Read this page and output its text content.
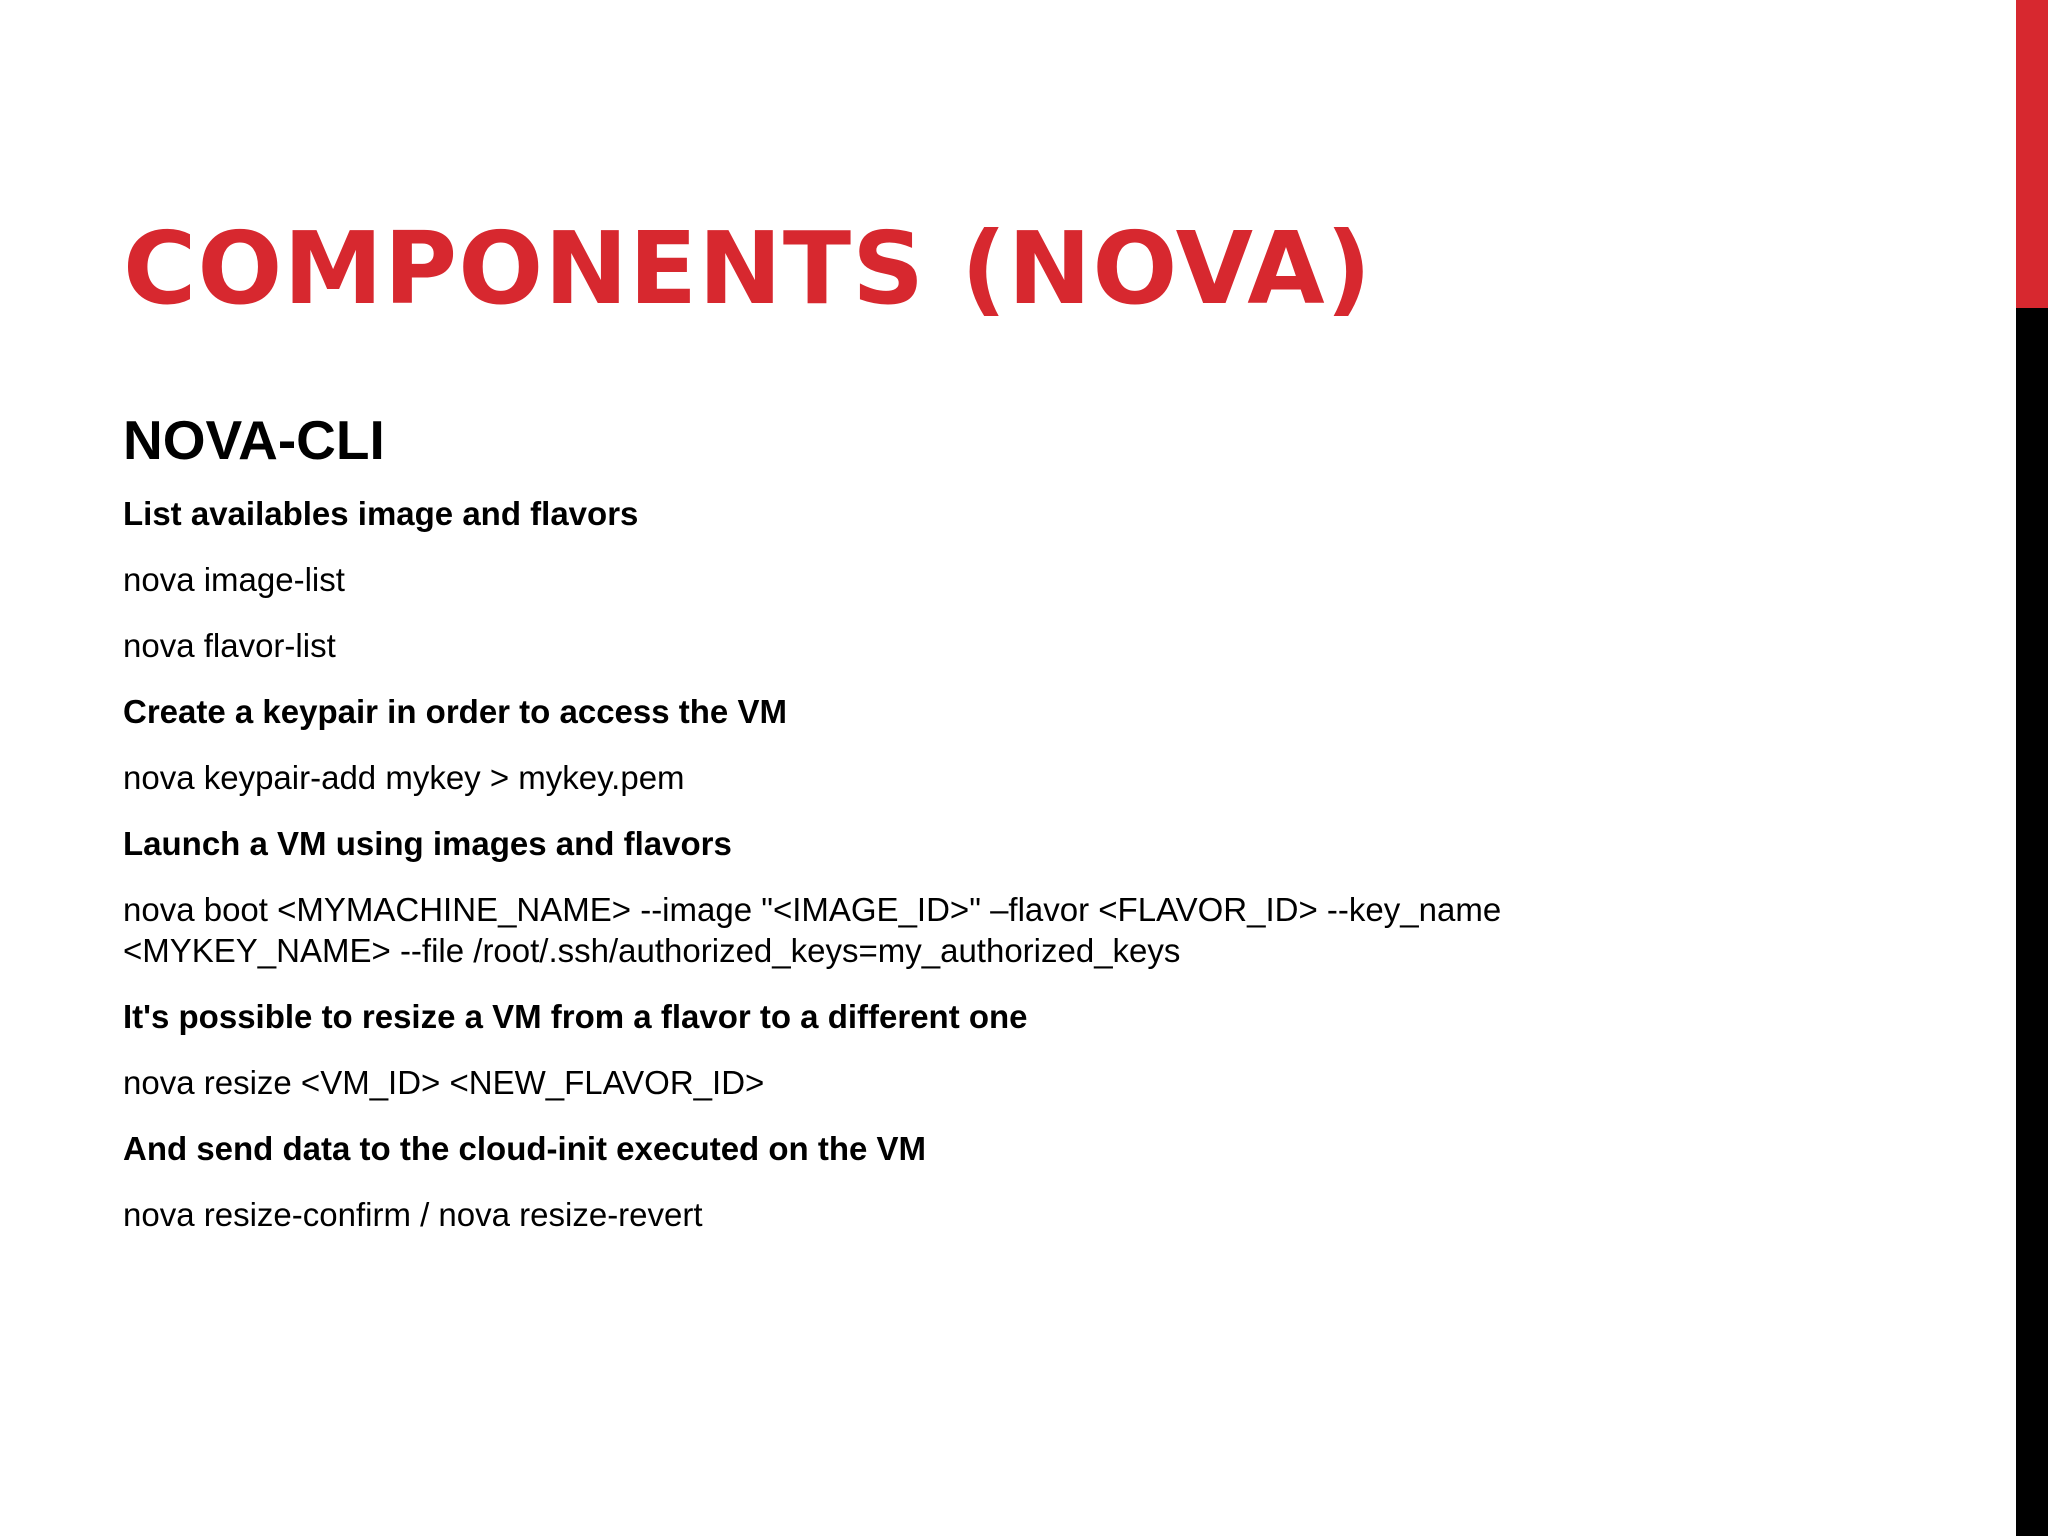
COMPONENTS (NOVA)
NOVA-CLI

List availables image and flavors

nova image-list

nova flavor-list

Create a keypair in order to access the VM

nova keypair-add mykey > mykey.pem

Launch a VM using images and flavors

nova boot <MYMACHINE_NAME> --image "<IMAGE_ID>" –flavor <FLAVOR_ID> --key_name

<MYKEY_NAME> --file /root/.ssh/authorized_keys=my_authorized_keys

It's possible to resize a VM from a flavor to a different one

nova resize <VM_ID> <NEW_FLAVOR_ID>

And send data to the cloud-init executed on the VM

nova resize-confirm / nova resize-revert
